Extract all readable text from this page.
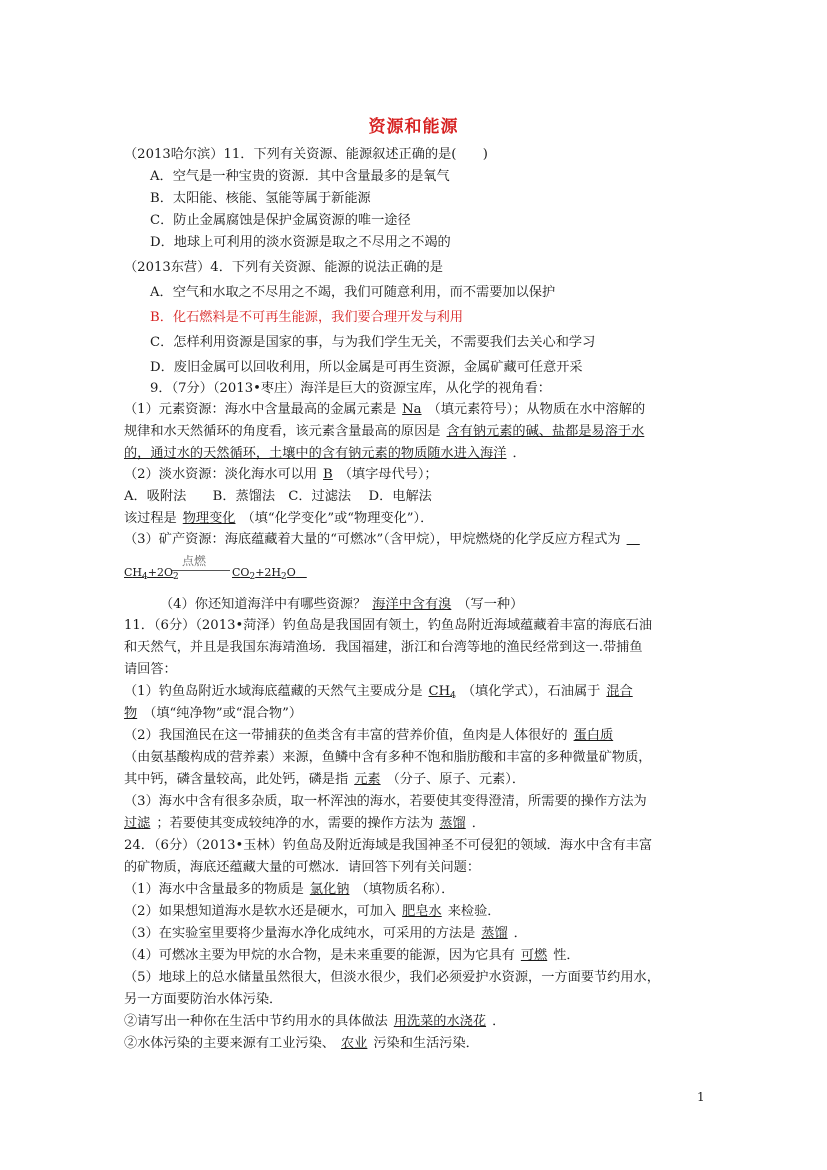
资源和能源
（2013哈尔滨）11．下列有关资源、能源叙述正确的是(　　)
A．空气是一种宝贵的资源．其中含量最多的是氧气
B．太阳能、核能、氢能等属于新能源
C．防止金属腐蚀是保护金属资源的唯一途径
D．地球上可利用的淡水资源是取之不尽用之不竭的
（2013东营）4．下列有关资源、能源的说法正确的是
A．空气和水取之不尽用之不竭，我们可随意利用，而不需要加以保护
B．化石燃料是不可再生能源，我们要合理开发与利用
C．怎样利用资源是国家的事，与为我们学生无关，不需要我们去关心和学习
D．废旧金属可以回收利用，所以金属是可再生资源，金属矿藏可任意开采
9．（7分）（2013•枣庄）海洋是巨大的资源宝库，从化学的视角看：
（1）元素资源：海水中含量最高的金属元素是 Na （填元素符号）；从物质在水中溶解的
规律和水天然循环的角度看，该元素含量最高的原因是 含有钠元素的碱、盐都是易溶于水
的，通过水的天然循环，土壤中的含有钠元素的物质随水进入海洋 ．
（2）淡水资源：淡化海水可以用 B （填字母代号）；
A．吸附法　　B．蒸馏法　C．过滤法　 D．电解法
该过程是 物理变化 （填“化学变化”或“物理变化”）．
（3）矿产资源：海底蕴藏着大量的“可燃冰”（含甲烷），甲烷燃烧的化学反应方程式为 
$CH_4+2O_2$
点燃
$CO_2+2H_2O$ 
（4）你还知道海洋中有哪些资源？ 海洋中含有溴 （写一种）
11．（6分）（2013•菏泽）钓鱼岛是我国固有领土，钓鱼岛附近海域蕴藏着丰富的海底石油
和天然气，并且是我国东海靖渔场．我国福建，浙江和台湾等地的渔民经常到这一.带捕鱼
请回答：
（1）钓鱼岛附近水域海底蕴藏的天然气主要成分是 $CH_4$ （填化学式），石油属于 混合
物 （填“纯净物”或“混合物”）
（2）我国渔民在这一带捕获的鱼类含有丰富的营养价值，鱼肉是人体很好的 蛋白质
（由氨基酸构成的营养素）来源，鱼鳞中含有多种不饱和脂肪酸和丰富的多种微量矿物质，
其中钙，磷含量较高，此处钙，磷是指 元素 （分子、原子、元素）．
（3）海水中含有很多杂质，取一杯浑浊的海水，若要使其变得澄清，所需要的操作方法为
过滤 ；若要使其变成较纯净的水，需要的操作方法为 蒸馏 ．
24．（6分）（2013•玉林）钓鱼岛及附近海域是我国神圣不可侵犯的领域．海水中含有丰富
的矿物质，海底还蕴藏大量的可燃冰．请回答下列有关问题：
（1）海水中含量最多的物质是 氯化钠 （填物质名称）．
（2）如果想知道海水是软水还是硬水，可加入 肥皂水 来检验．
（3）在实验室里要将少量海水净化成纯水，可采用的方法是 蒸馏 ．
（4）可燃冰主要为甲烷的水合物，是未来重要的能源，因为它具有 可燃 性．
（5）地球上的总水储量虽然很大，但淡水很少，我们必须爱护水资源，一方面要节约用水，
另一方面要防治水体污染．
②请写出一种你在生活中节约用水的具体做法 用洗菜的水浇花 ．
②水体污染的主要来源有工业污染、 农业 污染和生活污染．
1
